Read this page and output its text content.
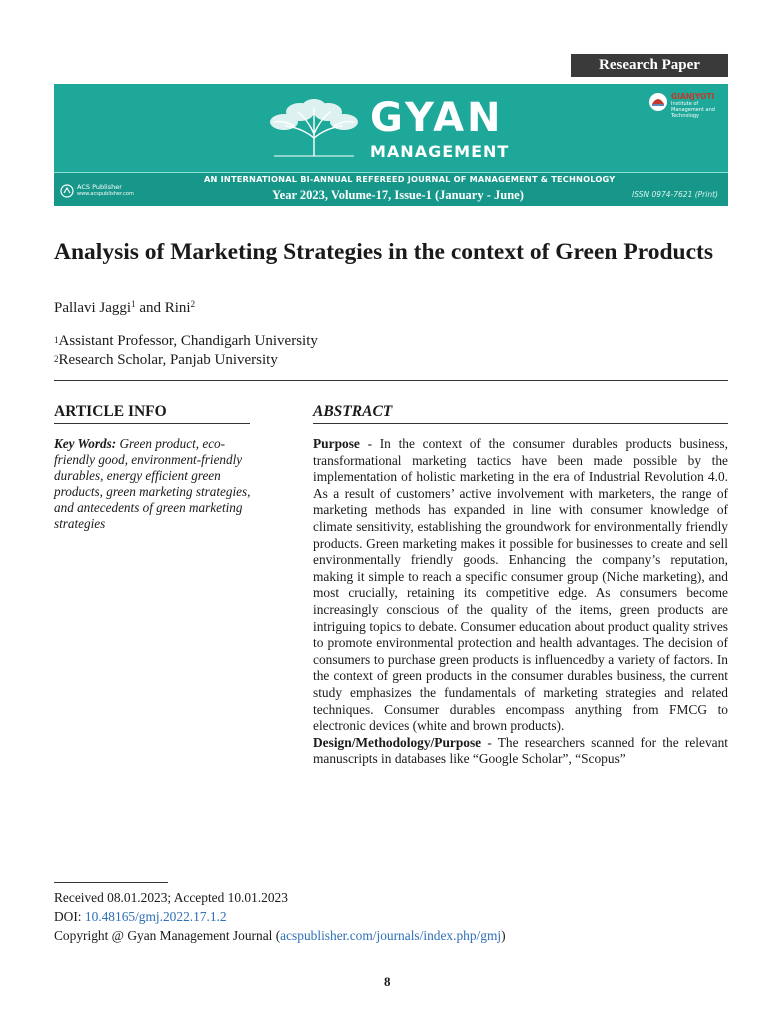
Research Paper
GYAN
MANAGEMENT
GIANJYOTI
Institute of Management and Technology
AN INTERNATIONAL BI-ANNUAL REFEREED JOURNAL OF MANAGEMENT & TECHNOLOGY
Year 2023, Volume-17, Issue-1 (January - June)	ISSN 0974-7621 (Print)
ACS Publisher
www.acspublisher.com
Analysis of Marketing Strategies in the context of Green Products
Pallavi Jaggi$^1$ and Rini$^2$
$^1$Assistant Professor, Chandigarh University
$^2$Research Scholar, Panjab University
ARTICLE INFO
Key Words: Green product, eco-friendly good, environment-friendly durables, energy efficient green products, green marketing strategies, and antecedents of green marketing strategies
ABSTRACT

Purpose - In the context of the consumer durables products business, transformational marketing tactics have been made possible by the implementation of holistic marketing in the era of Industrial Revolution 4.0. As a result of customers’ active involvement with marketers, the range of marketing methods has expanded in line with consumer knowledge of climate sensitivity, establishing the groundwork for environmentally friendly products. Green marketing makes it possible for businesses to create and sell environmentally friendly goods. Enhancing the company’s reputation, making it simple to reach a specific consumer group (Niche marketing), and most crucially, retaining its competitive edge. As consumers become increasingly conscious of the quality of the items, green products are intriguing topics to debate. Consumer education about product quality strives to promote environmental protection and health advantages. The decision of consumers to purchase green products is influencedby a variety of factors. In the context of green products in the consumer durables business, the current study emphasizes the fundamentals of marketing strategies and related techniques. Consumer durables encompass anything from FMCG to electronic devices (white and brown products).

Design/Methodology/Purpose - The researchers scanned for the relevant manuscripts in databases like “Google Scholar”, “Scopus”

Received 08.01.2023; Accepted 10.01.2023
DOI: 10.48165/gmj.2022.17.1.2
Copyright @ Gyan Management Journal (acspublisher.com/journals/index.php/gmj)
8
